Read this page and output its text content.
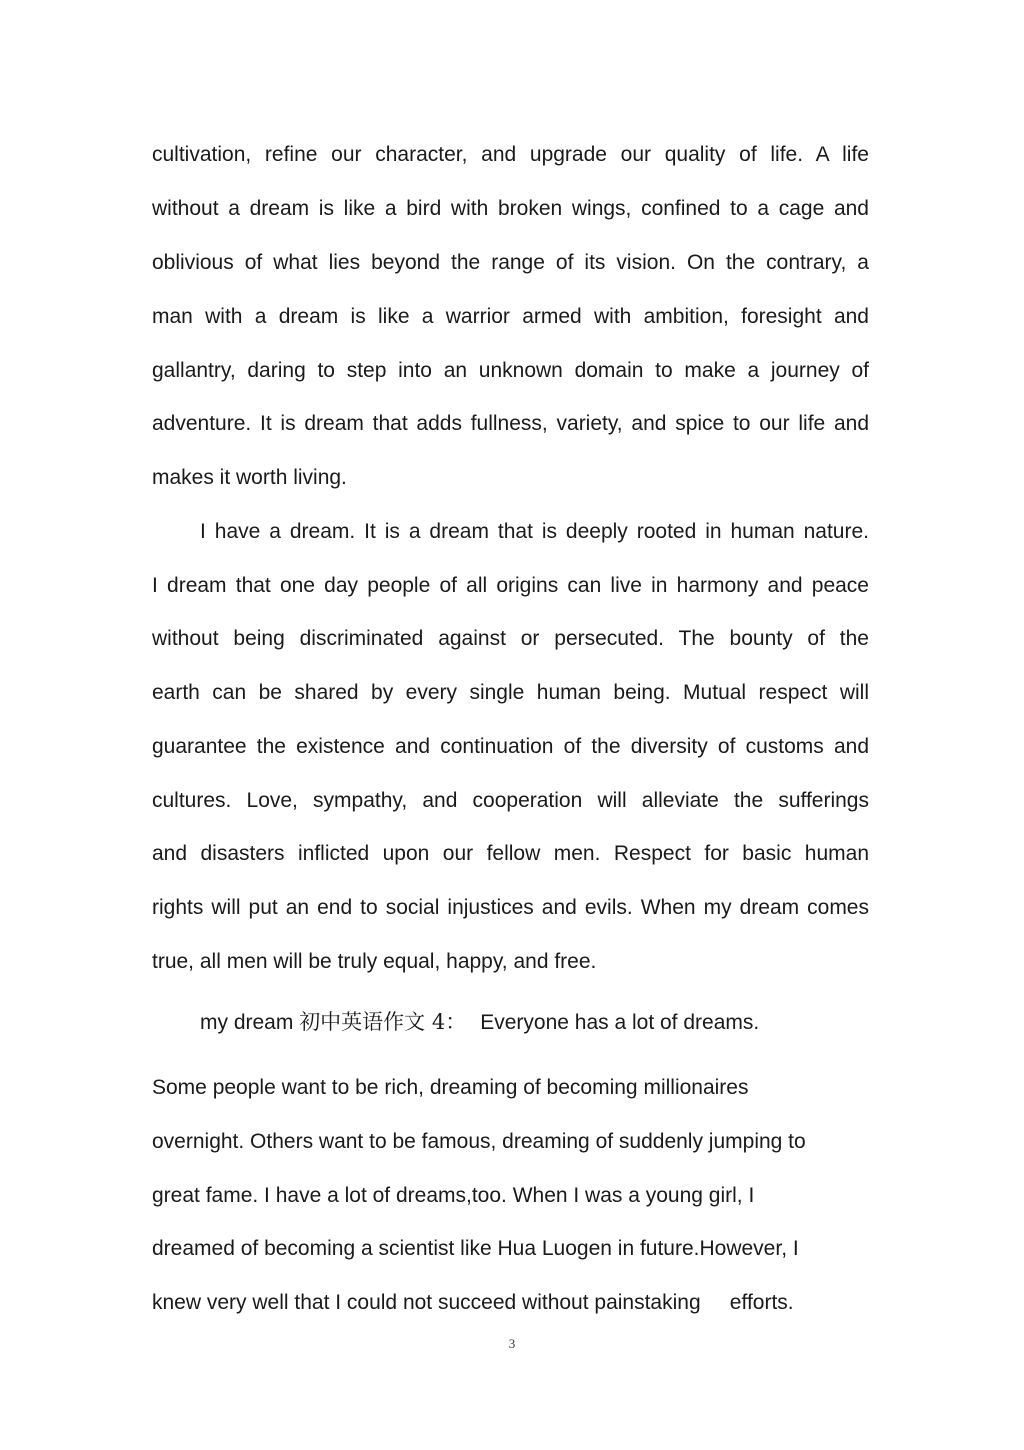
cultivation, refine our character, and upgrade our quality of life. A life
without a dream is like a bird with broken wings, confined to a cage and
oblivious of what lies beyond the range of its vision. On the contrary, a
man with a dream is like a warrior armed with ambition, foresight and
gallantry, daring to step into an unknown domain to make a journey of
adventure. It is dream that adds fullness, variety, and spice to our life and
makes it worth living.
I have a dream. It is a dream that is deeply rooted in human nature.
I dream that one day people of all origins can live in harmony and peace
without being discriminated against or persecuted. The bounty of the
earth can be shared by every single human being. Mutual respect will
guarantee the existence and continuation of the diversity of customs and
cultures. Love, sympathy, and cooperation will alleviate the sufferings
and disasters inflicted upon our fellow men. Respect for basic human
rights will put an end to social injustices and evils. When my dream comes
true, all men will be truly equal, happy, and free.
my dream 初中英语作文 4： Everyone has a lot of dreams.
Some people want to be rich, dreaming of becoming millionaires
overnight. Others want to be famous, dreaming of suddenly jumping to
great fame. I have a lot of dreams,too. When I was a young girl, I
dreamed of becoming a scientist like Hua Luogen in future.However, I
knew very well that I could not succeed without painstaking     efforts.
3
